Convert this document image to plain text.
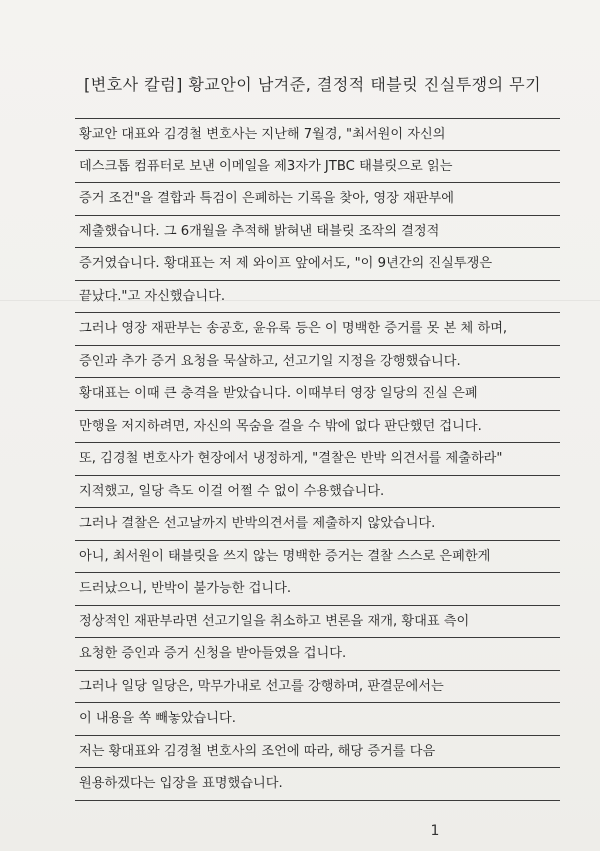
[변호사 칼럼] 황교안이 남겨준, 결정적 태블릿 진실투쟁의 무기
황교안 대표와 김경철 변호사는 지난해 7월경, "최서원이 자신의
데스크톱 컴퓨터로 보낸 이메일을 제3자가 JTBC 태블릿으로 읽는
증거 조건"을 결합과 특검이 은폐하는 기록을 찾아, 영장 재판부에
제출했습니다. 그 6개월을 추적해 밝혀낸 태블릿 조작의 결정적
증거였습니다. 황대표는 저 제 와이프 앞에서도, "이 9년간의 진실투쟁은
끝났다."고 자신했습니다.
그러나 영장 재판부는 송공호, 윤유록 등은 이 명백한 증거를 못 본 체 하며,
증인과 추가 증거 요청을 묵살하고, 선고기일 지정을 강행했습니다.
황대표는 이때 큰 충격을 받았습니다. 이때부터 영장 일당의 진실 은폐
만행을 저지하려면, 자신의 목숨을 걸을 수 밖에 없다 판단했던 겁니다.
또, 김경철 변호사가 현장에서 냉정하게, "결찰은 반박 의견서를 제출하라"
지적했고, 일당 측도 이걸 어쩔 수 없이 수용했습니다.
그러나 결찰은 선고날까지 반박의견서를 제출하지 않았습니다.
아니, 최서원이 태블릿을 쓰지 않는 명백한 증거는 결찰 스스로 은폐한게
드러났으니, 반박이 불가능한 겁니다.
정상적인 재판부라면 선고기일을 취소하고 변론을 재개, 황대표 측이
요청한 증인과 증거 신청을 받아들였을 겁니다.
그러나 일당 일당은, 막무가내로 선고를 강행하며, 판결문에서는
이 내용을 쏙 빼놓았습니다.
저는 황대표와 김경철 변호사의 조언에 따라, 해당 증거를 다음
원용하겠다는 입장을 표명했습니다.
1
